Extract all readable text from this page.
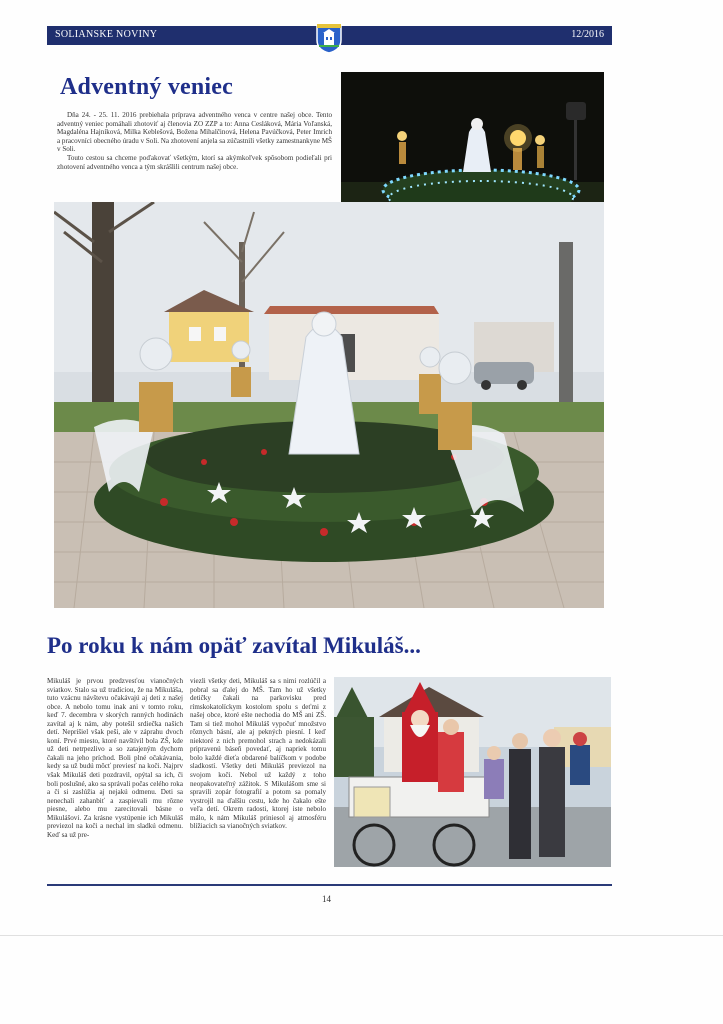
SOLIANSKE NOVINY	12/2016
Adventný veniec

Dňa 24. - 25. 11. 2016 prebiehala príprava adventného venca v centre našej obce. Tento adventný veniec pomáhali zhotoviť aj členovia ZO ZZP a to: Anna Cesláková, Mária Voľanská, Magdaléna Hajníková, Milka Keblešová, Božena Mihalčinová, Helena Pavúčková, Peter Imrich a pracovníci obecného úradu v Soli. Na zhotovení anjela sa zúčastnili všetky zamestnankyne MŠ v Soli.

Touto cestou sa chceme poďakovať všetkým, ktorí sa akýmkoľvek spôsobom podieľali pri zhotovení adventného venca a tým skrášlili centrum našej obce.

Po roku k nám opäť zavítal Mikuláš...
Mikuláš je prvou predzvesťou vianočných sviatkov. Stalo sa už tradíciou, že na Mikuláša, tuto vzácnu návštevu očakávajú aj deti z našej obce. A nebolo tomu inak ani v tomto roku, keď 7. decembra v skorých ranných hodinách zavítal aj k nám, aby potešil srdiečka našich detí. Neprišiel však peši, ale v záprahu dvoch koní. Prvé miesto, ktoré navštívil bola ZŠ, kde už deti netrpezlivo a so zatajeným dychom čakali na jeho príchod. Boli plné očakávania, kedy sa už budú môcť previesť na koči. Najprv však Mikuláš deti pozdravil, opýtal sa ich, či boli poslušné, ako sa správali počas celého roka a či si zaslúžia aj nejakú odmenu. Deti sa nenechali zahanbiť a zaspievali mu rôzne piesne, alebo mu zarecitovali básne o Mikulášovi. Za krásne vystúpenie ich Mikuláš previezol na koči a nechal im sladkú odmenu. Keď sa už pre-
viezli všetky deti, Mikuláš sa s nimi rozlúčil a pobral sa ďalej do MŠ. Tam ho už všetky detičky čakali na parkovisku pred rímskokatolíckym kostolom spolu s deťmi z našej obce, ktoré ešte nechodia do MŠ ani ZŠ. Tam si tiež mohol Mikuláš vypočuť množstvo rôznych básní, ale aj pekných piesní. I keď niektoré z nich premohol strach a nedokázali pripravenú báseň povedať, aj napriek tomu bolo každé dieťa obdarené balíčkom v podobe sladkostí. Všetky deti Mikuláš previezol na svojom koči. Nebol už každý z toho neopakovateľný zážitok. S Mikulášom sme si spravili zopár fotografií a potom sa pomaly vystrojil na ďalšiu cestu, kde ho čakalo ešte veľa detí. Okrem radosti, ktorej iste nebolo málo, k nám Mikuláš priniesol aj atmosféru blížiacich sa vianočných sviatkov.
14
